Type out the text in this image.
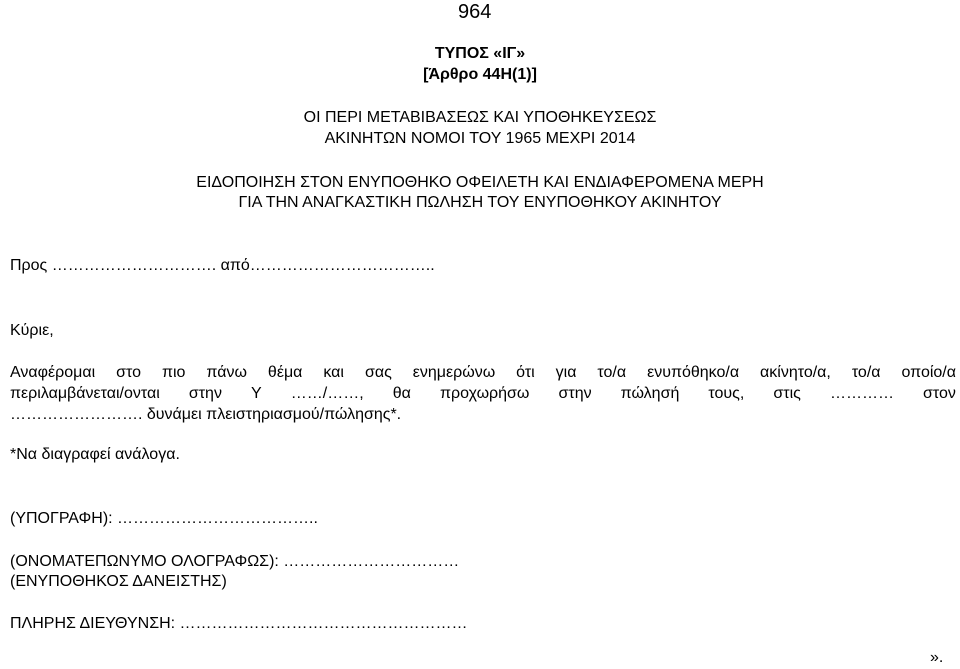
964
ΤΥΠΟΣ «ΙΓ»
[Άρθρο 44Η(1)]
ΟΙ ΠΕΡΙ ΜΕΤΑΒΙΒΑΣΕΩΣ ΚΑΙ ΥΠΟΘΗΚΕΥΣΕΩΣ
ΑΚΙΝΗΤΩΝ ΝΟΜΟΙ ΤΟΥ 1965 ΜΕΧΡΙ 2014
ΕΙΔΟΠΟΙΗΣΗ ΣΤΟΝ ΕΝΥΠΟΘΗΚΟ ΟΦΕΙΛΕΤΗ ΚΑΙ ΕΝΔΙΑΦΕΡΟΜΕΝΑ ΜΕΡΗ
ΓΙΑ ΤΗΝ ΑΝΑΓΚΑΣΤΙΚΗ ΠΩΛΗΣΗ ΤΟΥ ΕΝΥΠΟΘΗΚΟΥ ΑΚΙΝΗΤΟΥ
Προς …………………………. από……………………………..
Κύριε,
Αναφέρομαι στο πιο πάνω θέμα και σας ενημερώνω ότι για το/α ενυπόθηκο/α ακίνητο/α, το/α οποίο/α
περιλαμβάνεται/ονται στην Υ ……/……, θα προχωρήσω στην πώλησή τους, στις ………… στον
……………………. δυνάμει πλειστηριασμού/πώλησης*.
*Να διαγραφεί ανάλογα.
(ΥΠΟΓΡΑΦΗ): ………………………………..
(ΟΝΟΜΑΤΕΠΩΝΥΜΟ ΟΛΟΓΡΑΦΩΣ): ……………………………
(ΕΝΥΠΟΘΗΚΟΣ ΔΑΝΕΙΣΤΗΣ)
ΠΛΗΡΗΣ ΔΙΕΥΘΥΝΣΗ: ………………………………………………
».
